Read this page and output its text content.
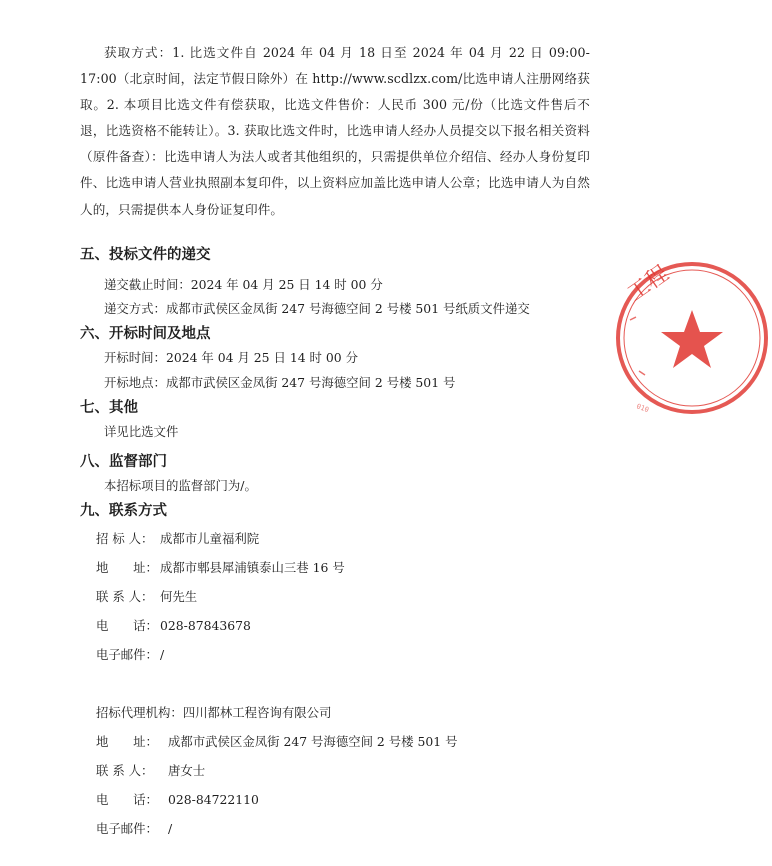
获取方式：1. 比选文件自 2024 年 04 月 18 日至 2024 年 04 月 22 日 09:00- 17:00（北京时间，法定节假日除外）在 http://www.scdlzx.com/比选申请人注册网络获取。2. 本项目比选文件有偿获取，比选文件售价：人民币 300 元/份（比选文件售后不退，比选资格不能转让）。3. 获取比选文件时，比选申请人经办人员提交以下报名相关资料（原件备查）：比选申请人为法人或者其他组织的，只需提供单位介绍信、经办人身份复印件、比选申请人营业执照副本复印件，以上资料应加盖比选申请人公章；比选申请人为自然人的，只需提供本人身份证复印件。

五、投标文件的递交

递交截止时间：2024 年 04 月 25 日 14 时 00 分

递交方式：成都市武侯区金凤街 247 号海德空间 2 号楼 501 号纸质文件递交

六、开标时间及地点

开标时间：2024 年 04 月 25 日 14 时 00 分

开标地点：成都市武侯区金凤街 247 号海德空间 2 号楼 501 号

七、其他

详见比选文件

八、监督部门

本招标项目的监督部门为/。

九、联系方式

招 标 人： 成都市儿童福利院

地　　址： 成都市郫县犀浦镇泰山三巷 16 号

联 系 人： 何先生

电　　话： 028-87843678

电子邮件： /

招标代理机构：四川都林工程咨询有限公司

地　　址： 成都市武侯区金凤街 247 号海德空间 2 号楼 501 号

联 系 人： 唐女士

电　　话： 028-84722110

电子邮件： /

工程
010
